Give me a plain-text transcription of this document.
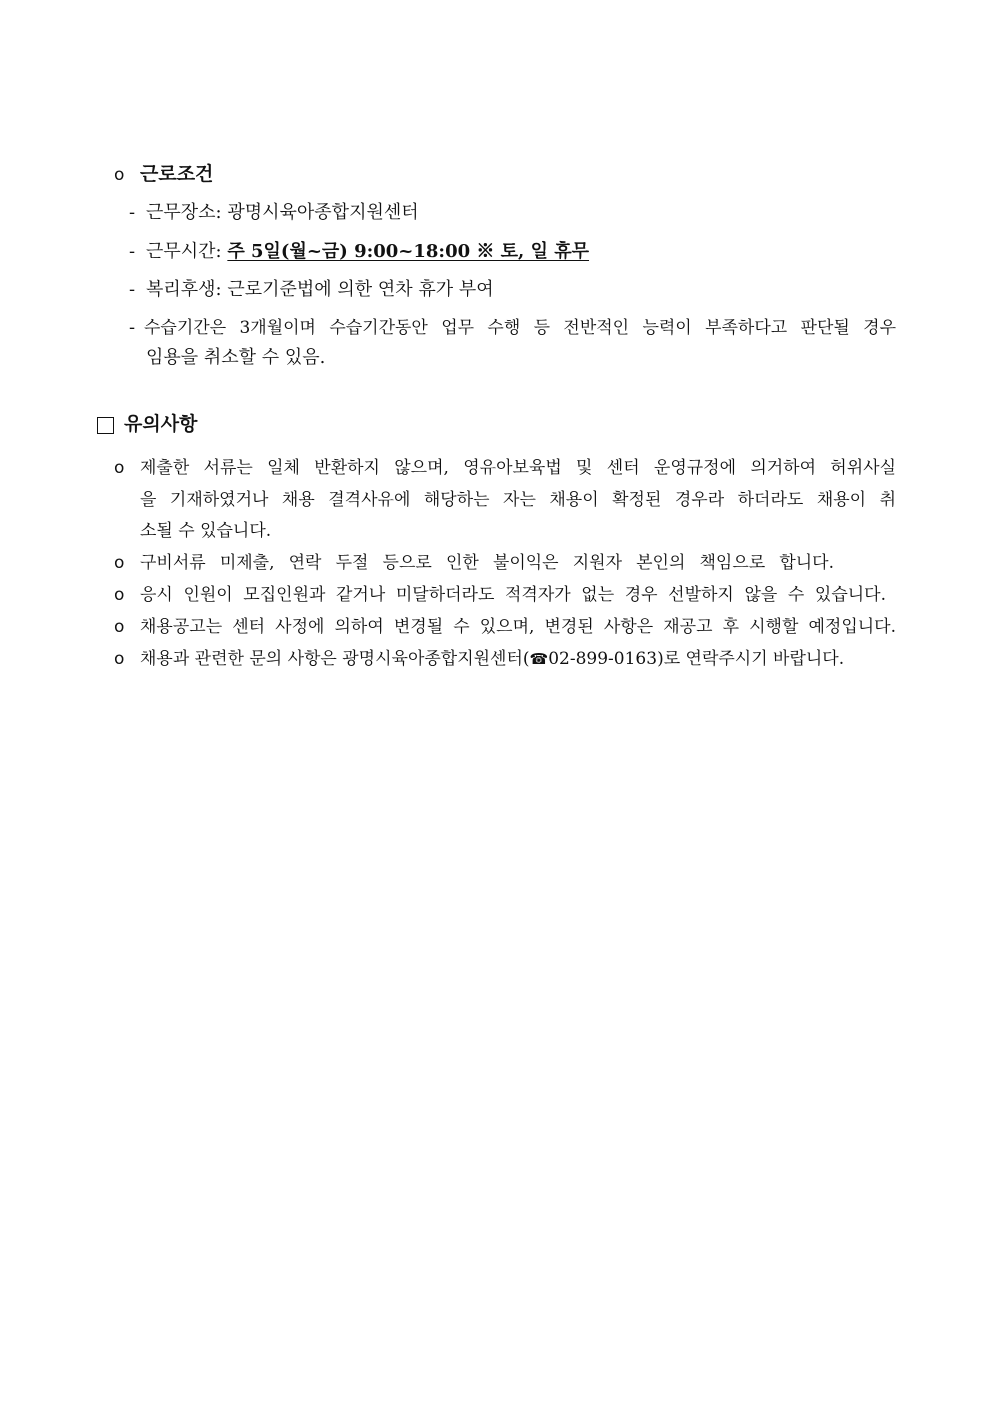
o 근로조건
- 근무장소: 광명시육아종합지원센터
- 근무시간: 주 5일(월~금) 9:00~18:00 ※ 토, 일 휴무
- 복리후생: 근로기준법에 의한 연차 휴가 부여
- 수습기간은 3개월이며 수습기간동안 업무 수행 등 전반적인 능력이 부족하다고 판단될 경우
임용을 취소할 수 있음.
유의사항
o 제출한 서류는 일체 반환하지 않으며, 영유아보육법 및 센터 운영규정에 의거하여 허위사실
을 기재하였거나 채용 결격사유에 해당하는 자는 채용이 확정된 경우라 하더라도 채용이 취
소될 수 있습니다.
o 구비서류 미제출, 연락 두절 등으로 인한 불이익은 지원자 본인의 책임으로 합니다.
o 응시 인원이 모집인원과 같거나 미달하더라도 적격자가 없는 경우 선발하지 않을 수 있습니다.
o 채용공고는 센터 사정에 의하여 변경될 수 있으며, 변경된 사항은 재공고 후 시행할 예정입니다.
o 채용과 관련한 문의 사항은 광명시육아종합지원센터(☎02-899-0163)로 연락주시기 바랍니다.
